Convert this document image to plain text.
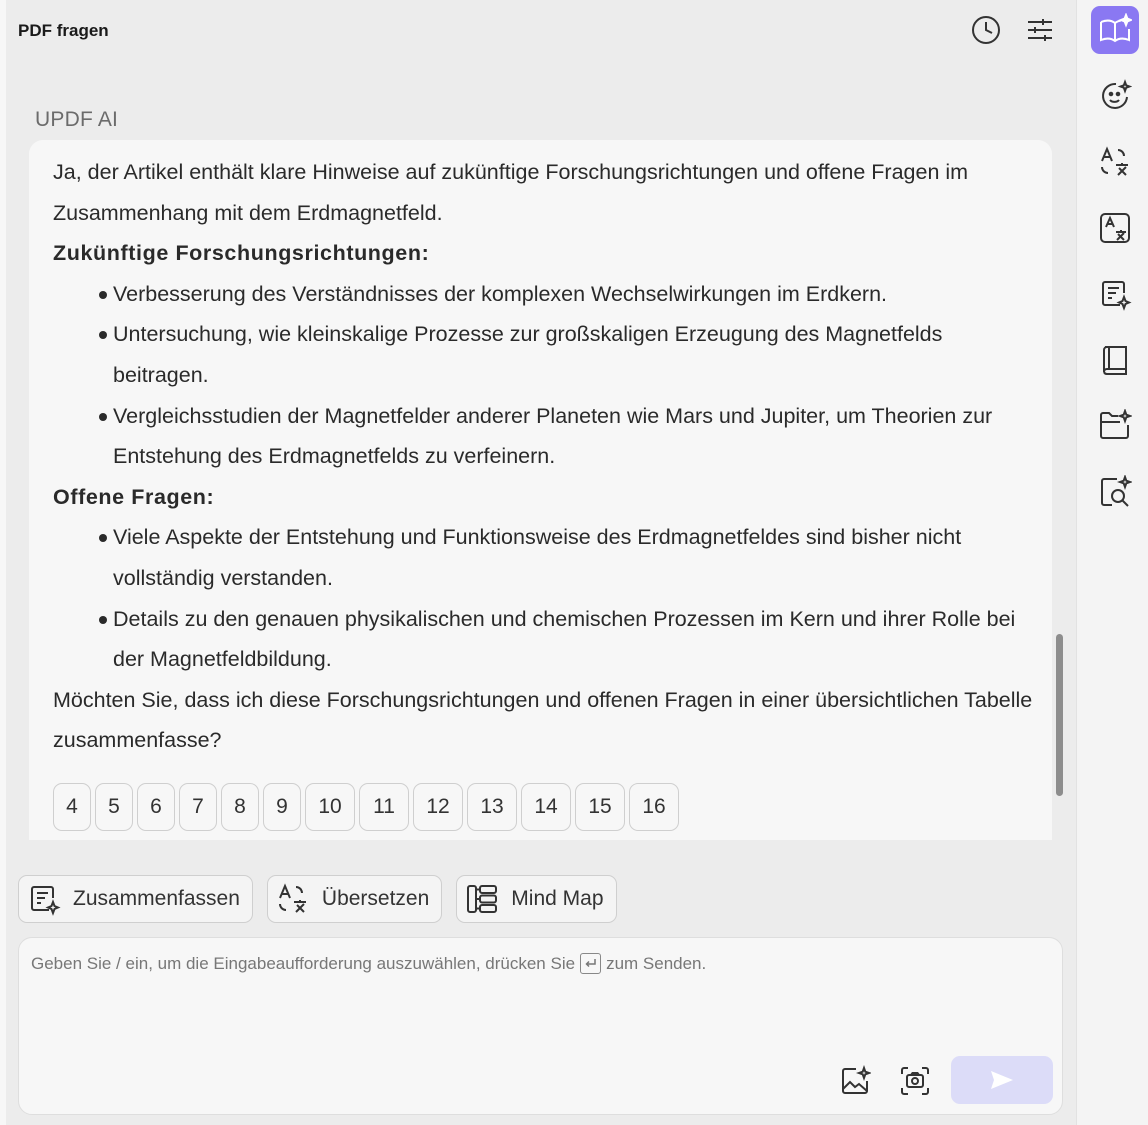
PDF fragen
UPDF AI

Ja, der Artikel enthält klare Hinweise auf zukünftige Forschungsrichtungen und offene Fragen im Zusammenhang mit dem Erdmagnetfeld.

Zukünftige Forschungsrichtungen:
Verbesserung des Verständnisses der komplexen Wechselwirkungen im Erdkern.
Untersuchung, wie kleinskalige Prozesse zur großskaligen Erzeugung des Magnetfelds beitragen.
Vergleichsstudien der Magnetfelder anderer Planeten wie Mars und Jupiter, um Theorien zur Entstehung des Erdmagnetfelds zu verfeinern.
Offene Fragen:
Viele Aspekte der Entstehung und Funktionsweise des Erdmagnetfeldes sind bisher nicht vollständig verstanden.
Details zu den genauen physikalischen und chemischen Prozessen im Kern und ihrer Rolle bei der Magnetfeldbildung.

Möchten Sie, dass ich diese Forschungsrichtungen und offenen Fragen in einer übersichtlichen Tabelle zusammenfasse?

4	5	6	7	8	9	10	11	12	13	14	15	16
Zusammenfassen	Übersetzen	Mind Map
Geben Sie / ein, um die Eingabeaufforderung auszuwählen, drücken Sie zum Senden.
